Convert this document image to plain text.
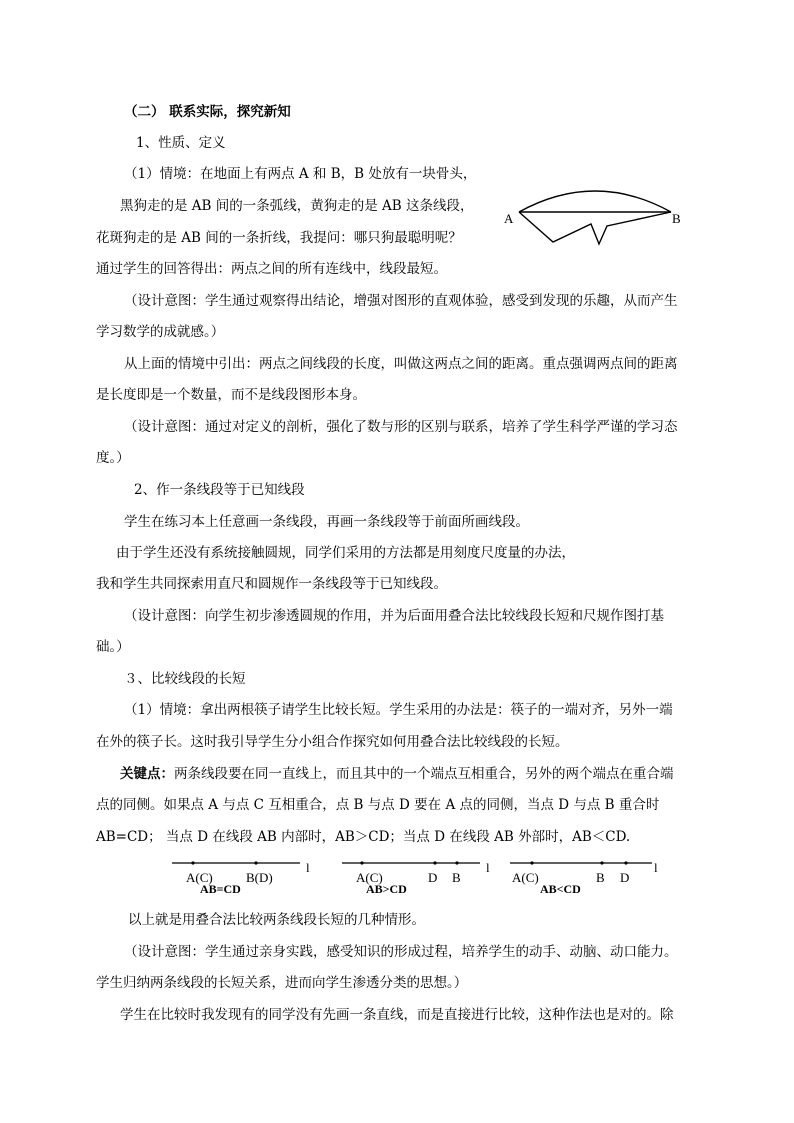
（二） 联系实际，探究新知
1、性质、定义
（1）情境：在地面上有两点 A 和 B，B 处放有一块骨头，
黑狗走的是 AB 间的一条弧线，黄狗走的是 AB 这条线段，
花斑狗走的是 AB 间的一条折线，我提问：哪只狗最聪明呢？
通过学生的回答得出：两点之间的所有连线中，线段最短。
（设计意图：学生通过观察得出结论，增强对图形的直观体验，感受到发现的乐趣，从而产生
学习数学的成就感。）
从上面的情境中引出：两点之间线段的长度，叫做这两点之间的距离。重点强调两点间的距离
是长度即是一个数量，而不是线段图形本身。
（设计意图：通过对定义的剖析，强化了数与形的区别与联系，培养了学生科学严谨的学习态
度。）
2、作一条线段等于已知线段
学生在练习本上任意画一条线段，再画一条线段等于前面所画线段。
由于学生还没有系统接触圆规，同学们采用的方法都是用刻度尺度量的办法，
我和学生共同探索用直尺和圆规作一条线段等于已知线段。
（设计意图：向学生初步渗透圆规的作用，并为后面用叠合法比较线段长短和尺规作图打基
础。）
３、比较线段的长短
（1）情境：拿出两根筷子请学生比较长短。学生采用的办法是：筷子的一端对齐，另外一端
在外的筷子长。这时我引导学生分小组合作探究如何用叠合法比较线段的长短。
关键点：两条线段要在同一直线上，而且其中的一个端点互相重合，另外的两个端点在重合端
点的同侧。如果点 A 与点 C 互相重合，点 B 与点 D 要在 A 点的同侧，当点 D 与点 B 重合时
AB=CD； 当点 D 在线段 AB 内部时，AB＞CD；当点 D 在线段 AB 外部时，AB＜CD.
A	B
A(C)	B(D)
l
AB=CD
A(C)	D B
l
AB>CD
A(C)	B D
l
AB<CD
以上就是用叠合法比较两条线段长短的几种情形。
（设计意图：学生通过亲身实践，感受知识的形成过程，培养学生的动手、动脑、动口能力。
学生归纳两条线段的长短关系，进而向学生渗透分类的思想。）
学生在比较时我发现有的同学没有先画一条直线，而是直接进行比较，这种作法也是对的。除
